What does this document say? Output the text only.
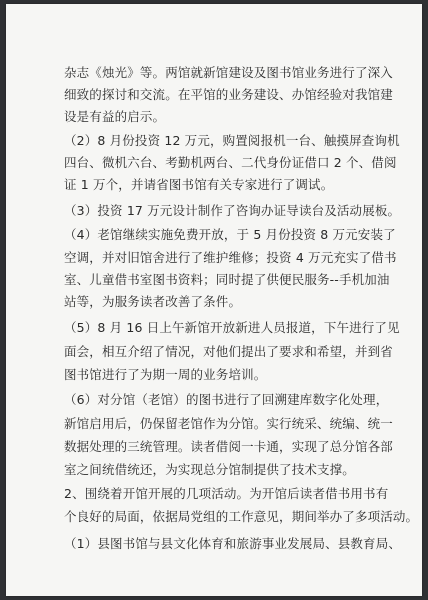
杂志《烛光》等。两馆就新馆建设及图书馆业务进行了深入
细致的探讨和交流。在平馆的业务建设、办馆经验对我馆建
设是有益的启示。
（2）8 月份投资 12 万元，购置阅报机一台、触摸屏查询机
四台、微机六台、考勤机两台、二代身份证借口 2 个、借阅
证 1 万个，并请省图书馆有关专家进行了调试。
（3）投资 17 万元设计制作了咨询办证导读台及活动展板。
（4）老馆继续实施免费开放，于 5 月份投资 8 万元安装了
空调，并对旧馆舍进行了维护维修；投资 4 万元充实了借书
室、儿童借书室图书资料；同时提了供便民服务--手机加油
站等，为服务读者改善了条件。
（5）8 月 16 日上午新馆开放新进人员报道，下午进行了见
面会，相互介绍了情况，对他们提出了要求和希望，并到省
图书馆进行了为期一周的业务培训。
（6）对分馆（老馆）的图书进行了回溯建库数字化处理，
新馆启用后，仍保留老馆作为分馆。实行统采、统编、统一
数据处理的三统管理。读者借阅一卡通，实现了总分馆各部
室之间统借统还，为实现总分馆制提供了技术支撑。
2、围绕着开馆开展的几项活动。为开馆后读者借书用书有
个良好的局面，依据局党组的工作意见，期间举办了多项活动。
（1）县图书馆与县文化体育和旅游事业发展局、县教育局、
